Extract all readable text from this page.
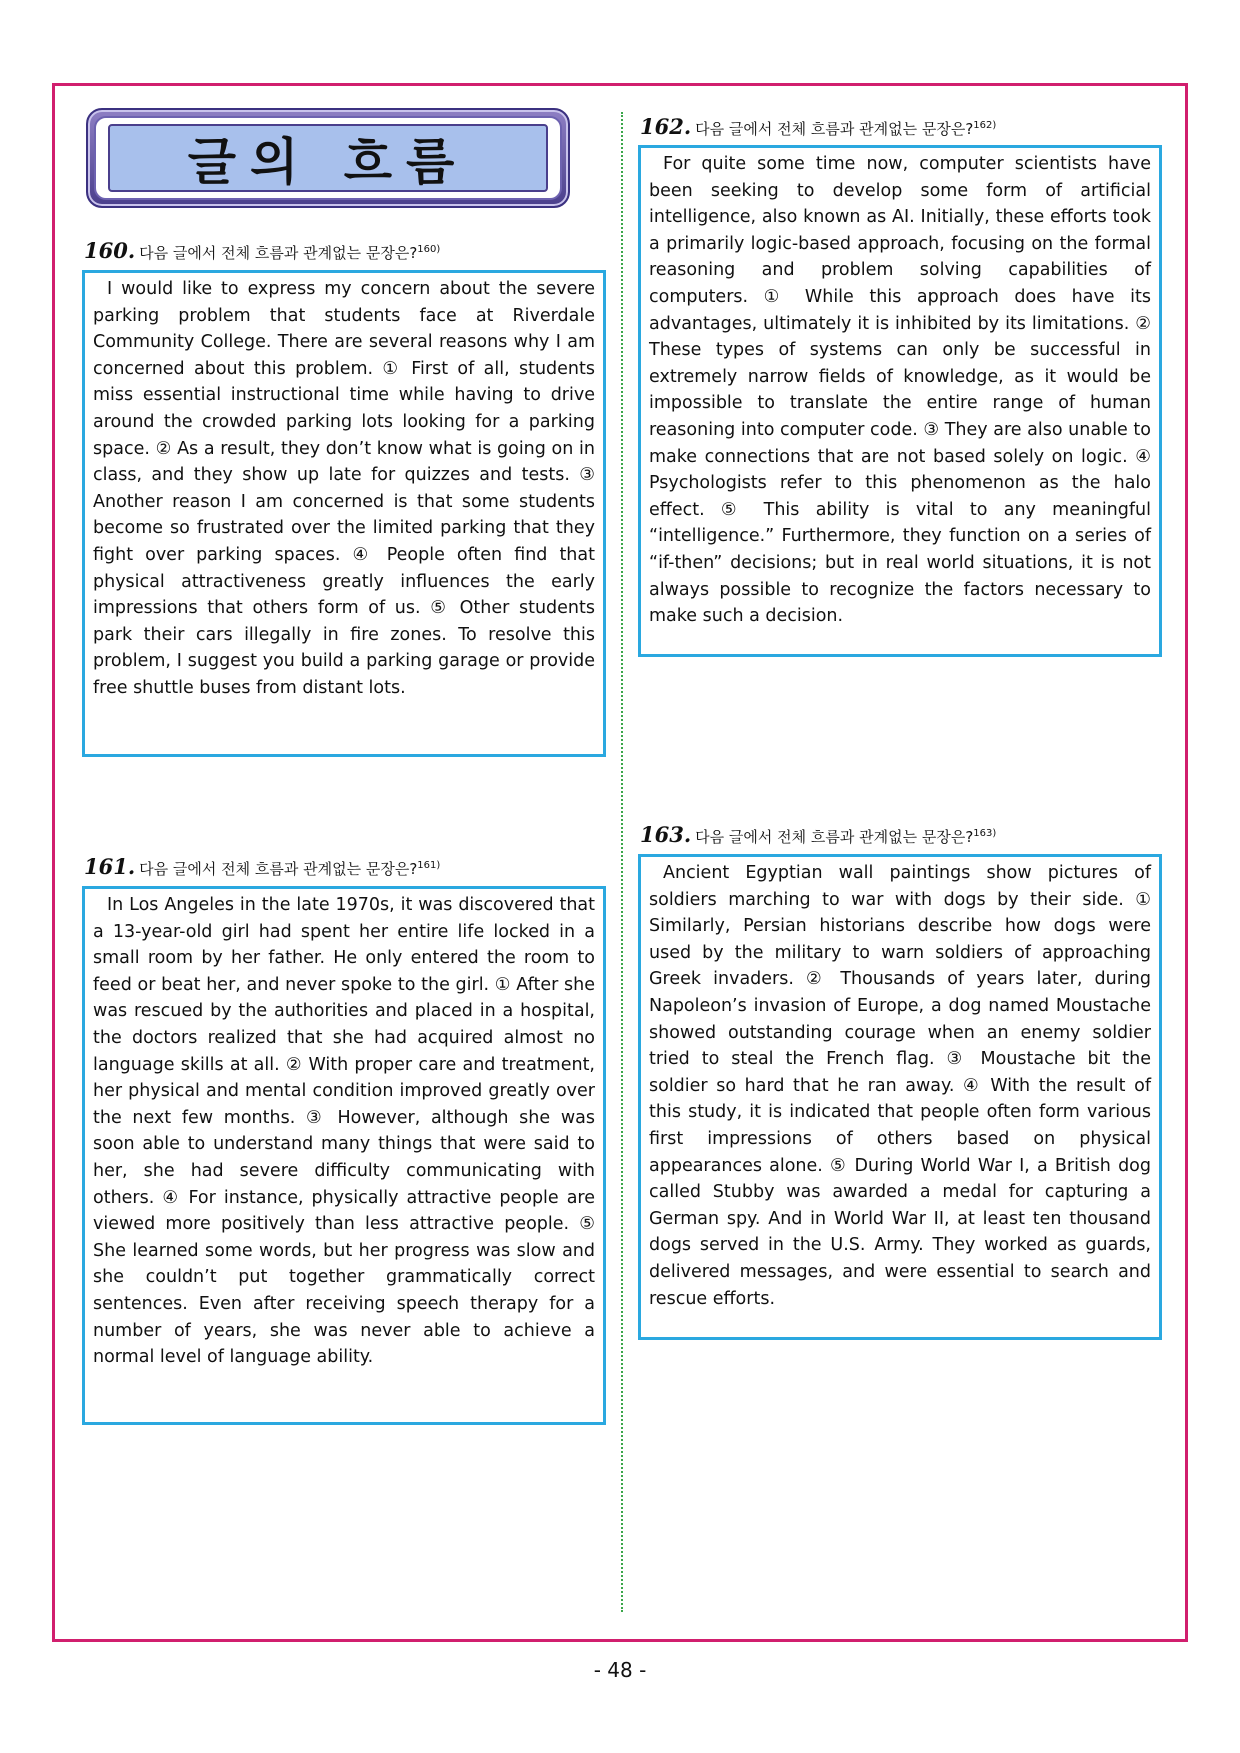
글의 흐름
160. 다음 글에서 전체 흐름과 관계없는 문장은?$^{160)}$

I would like to express my concern about the severe parking problem that students face at Riverdale Community College. There are several reasons why I am concerned about this problem. ① First of all, students miss essential instructional time while having to drive around the crowded parking lots looking for a parking space. ② As a result, they don’t know what is going on in class, and they show up late for quizzes and tests. ③ Another reason I am concerned is that some students become so frustrated over the limited parking that they fight over parking spaces. ④ People often find that physical attractiveness greatly influences the early impressions that others form of us. ⑤ Other students park their cars illegally in fire zones. To resolve this problem, I suggest you build a parking garage or provide free shuttle buses from distant lots.

161. 다음 글에서 전체 흐름과 관계없는 문장은?$^{161)}$

In Los Angeles in the late 1970s, it was discovered that a 13-year-old girl had spent her entire life locked in a small room by her father. He only entered the room to feed or beat her, and never spoke to the girl. ① After she was rescued by the authorities and placed in a hospital, the doctors realized that she had acquired almost no language skills at all. ② With proper care and treatment, her physical and mental condition improved greatly over the next few months. ③ However, although she was soon able to understand many things that were said to her, she had severe difficulty communicating with others. ④ For instance, physically attractive people are viewed more positively than less attractive people. ⑤ She learned some words, but her progress was slow and she couldn’t put together grammatically correct sentences. Even after receiving speech therapy for a number of years, she was never able to achieve a normal level of language ability.

162. 다음 글에서 전체 흐름과 관계없는 문장은?$^{162)}$

For quite some time now, computer scientists have been seeking to develop some form of artificial intelligence, also known as AI. Initially, these efforts took a primarily logic-based approach, focusing on the formal reasoning and problem solving capabilities of computers. ① While this approach does have its advantages, ultimately it is inhibited by its limitations. ② These types of systems can only be successful in extremely narrow fields of knowledge, as it would be impossible to translate the entire range of human reasoning into computer code. ③ They are also unable to make connections that are not based solely on logic. ④ Psychologists refer to this phenomenon as the halo effect. ⑤ This ability is vital to any meaningful “intelligence.” Furthermore, they function on a series of “if-then” decisions; but in real world situations, it is not always possible to recognize the factors necessary to make such a decision.

163. 다음 글에서 전체 흐름과 관계없는 문장은?$^{163)}$

Ancient Egyptian wall paintings show pictures of soldiers marching to war with dogs by their side. ① Similarly, Persian historians describe how dogs were used by the military to warn soldiers of approaching Greek invaders. ② Thousands of years later, during Napoleon’s invasion of Europe, a dog named Moustache showed outstanding courage when an enemy soldier tried to steal the French flag. ③ Moustache bit the soldier so hard that he ran away. ④ With the result of this study, it is indicated that people often form various first impressions of others based on physical appearances alone. ⑤ During World War I, a British dog called Stubby was awarded a medal for capturing a German spy. And in World War II, at least ten thousand dogs served in the U.S. Army. They worked as guards, delivered messages, and were essential to search and rescue efforts.

- 48 -
